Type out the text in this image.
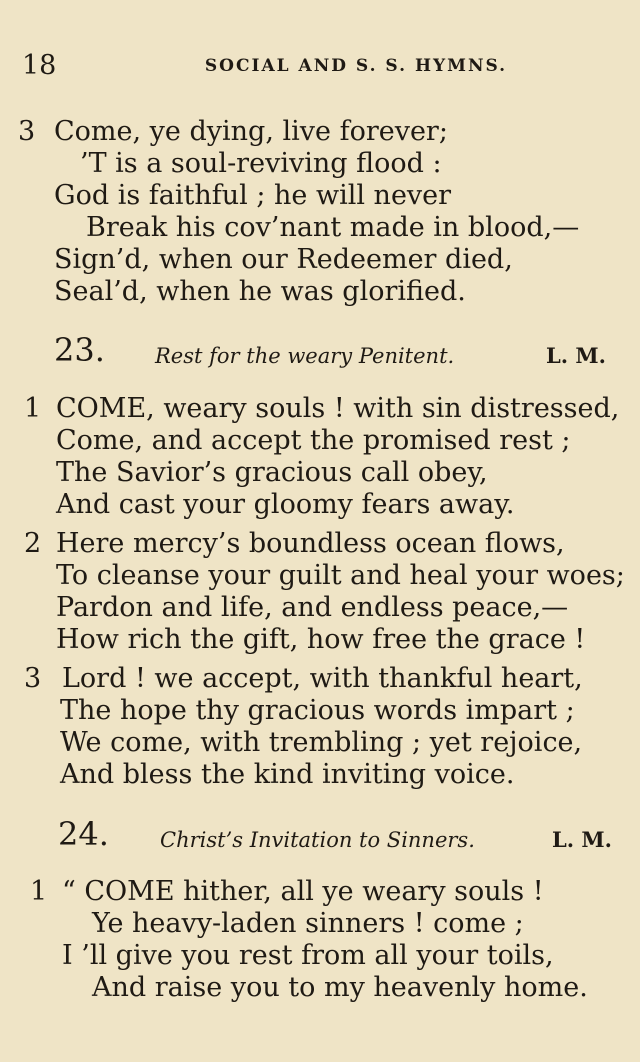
18	SOCIAL AND S. S. HYMNS.
3 Come, ye dying, live forever;
’T is a soul-reviving flood :
God is faithful ; he will never
Break his cov’nant made in blood,—
Sign’d, when our Redeemer died,
Seal’d, when he was glorified.
23. Rest for the weary Penitent.	L. M.
1 COME, weary souls ! with sin distressed,
Come, and accept the promised rest ;
The Savior’s gracious call obey,
And cast your gloomy fears away.
2 Here mercy’s boundless ocean flows,
To cleanse your guilt and heal your woes;
Pardon and life, and endless peace,—
How rich the gift, how free the grace !
3 Lord ! we accept, with thankful heart,
The hope thy gracious words impart ;
We come, with trembling ; yet rejoice,
And bless the kind inviting voice.
24. Christ’s Invitation to Sinners.	L. M.
1 “ COME hither, all ye weary souls !
Ye heavy-laden sinners ! come ;
I ’ll give you rest from all your toils,
And raise you to my heavenly home.
